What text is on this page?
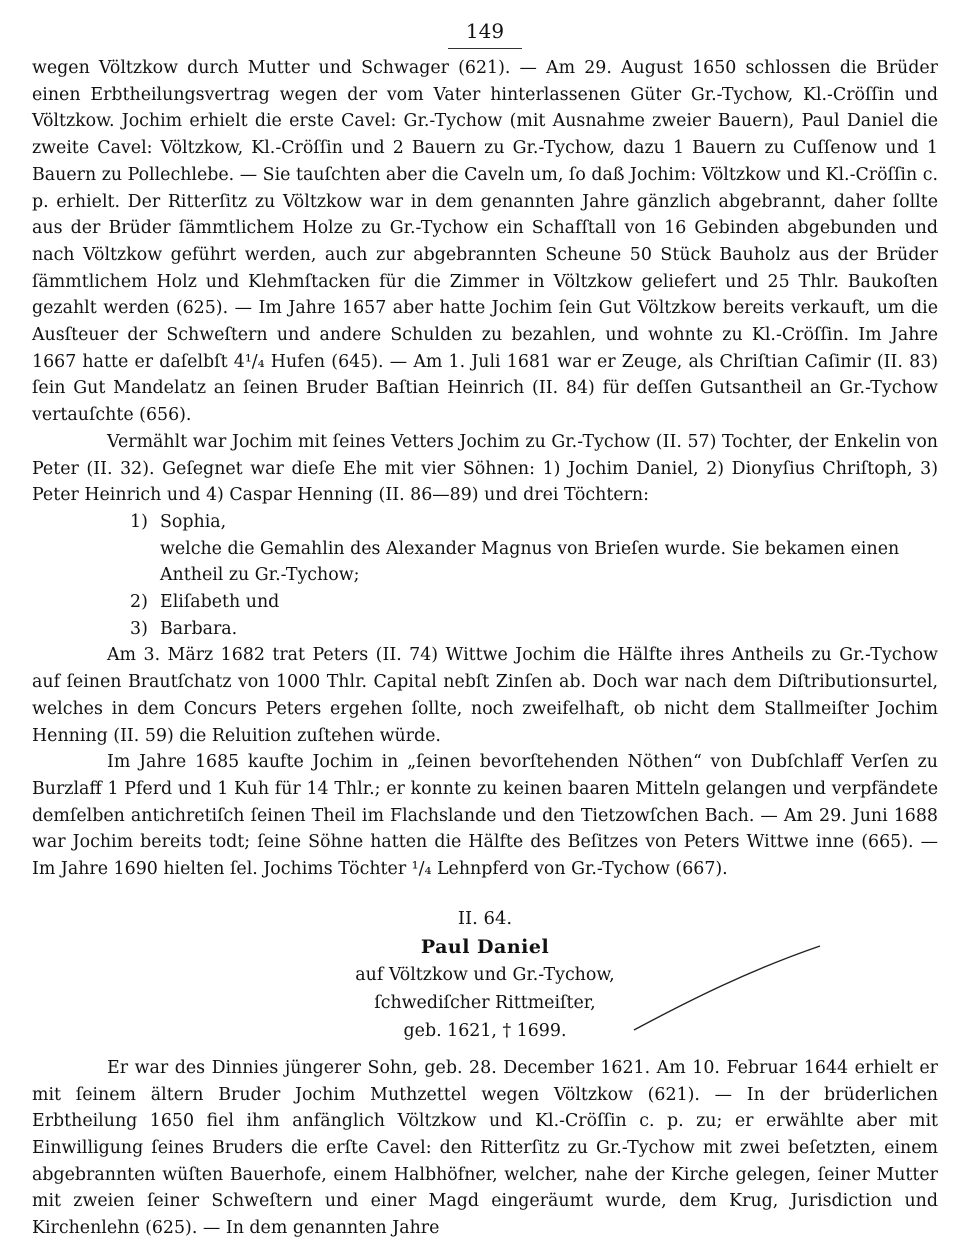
149

wegen Völtzkow durch Mutter und Schwager (621). — Am 29. August 1650 schlossen die Brüder einen Erbtheilungsvertrag wegen der vom Vater hinterlassenen Güter Gr.-Tychow, Kl.-Cröſſin und Völtzkow. Jochim erhielt die erste Cavel: Gr.-Tychow (mit Ausnahme zweier Bauern), Paul Daniel die zweite Cavel: Völtzkow, Kl.-Cröſſin und 2 Bauern zu Gr.-Tychow, dazu 1 Bauern zu Cuſſenow und 1 Bauern zu Pollechlebe. — Sie tauſchten aber die Caveln um, ſo daß Jochim: Völtzkow und Kl.-Cröſſin c. p. erhielt. Der Ritterſitz zu Völtzkow war in dem genannten Jahre gänzlich abgebrannt, daher ſollte aus der Brüder ſämmtlichem Holze zu Gr.-Tychow ein Schafſtall von 16 Gebinden abgebunden und nach Völtzkow geführt werden, auch zur abgebrannten Scheune 50 Stück Bauholz aus der Brüder ſämmtlichem Holz und Klehmſtacken für die Zimmer in Völtzkow geliefert und 25 Thlr. Baukoſten gezahlt werden (625). — Im Jahre 1657 aber hatte Jochim ſein Gut Völtzkow bereits verkauft, um die Ausſteuer der Schweſtern und andere Schulden zu bezahlen, und wohnte zu Kl.-Cröſſin. Im Jahre 1667 hatte er daſelbſt 4¹/₄ Hufen (645). — Am 1. Juli 1681 war er Zeuge, als Chriſtian Caſimir (II. 83) ſein Gut Mandelatz an ſeinen Bruder Baſtian Heinrich (II. 84) für deſſen Gutsantheil an Gr.-Tychow vertauſchte (656).

Vermählt war Jochim mit ſeines Vetters Jochim zu Gr.-Tychow (II. 57) Tochter, der Enkelin von Peter (II. 32). Geſegnet war dieſe Ehe mit vier Söhnen: 1) Jochim Daniel, 2) Dionyſius Chriſtoph, 3) Peter Heinrich und 4) Caspar Henning (II. 86—89) und drei Töchtern:

1) Sophia,
welche die Gemahlin des Alexander Magnus von Brieſen wurde. Sie bekamen einen Antheil zu Gr.-Tychow;
2) Eliſabeth und
3) Barbara.

Am 3. März 1682 trat Peters (II. 74) Wittwe Jochim die Hälfte ihres Antheils zu Gr.-Tychow auf ſeinen Brautſchatz von 1000 Thlr. Capital nebſt Zinſen ab. Doch war nach dem Diſtributionsurtel, welches in dem Concurs Peters ergehen ſollte, noch zweifelhaft, ob nicht dem Stallmeiſter Jochim Henning (II. 59) die Reluition zuſtehen würde.

Im Jahre 1685 kaufte Jochim in „ſeinen bevorſtehenden Nöthen“ von Dubſchlaff Verſen zu Burzlaff 1 Pferd und 1 Kuh für 14 Thlr.; er konnte zu keinen baaren Mitteln gelangen und verpfändete demſelben antichretiſch ſeinen Theil im Flachslande und den Tietzowſchen Bach. — Am 29. Juni 1688 war Jochim bereits todt; ſeine Söhne hatten die Hälfte des Beſitzes von Peters Wittwe inne (665). — Im Jahre 1690 hielten ſel. Jochims Töchter ¹/₄ Lehnpferd von Gr.-Tychow (667).

II. 64.
Paul Daniel
auf Völtzkow und Gr.-Tychow,
ſchwediſcher Rittmeiſter,
geb. 1621, † 1699.

Er war des Dinnies jüngerer Sohn, geb. 28. December 1621. Am 10. Februar 1644 erhielt er mit ſeinem ältern Bruder Jochim Muthzettel wegen Völtzkow (621). — In der brüderlichen Erbtheilung 1650 fiel ihm anfänglich Völtzkow und Kl.-Cröſſin c. p. zu; er erwählte aber mit Einwilligung ſeines Bruders die erſte Cavel: den Ritterſitz zu Gr.-Tychow mit zwei beſetzten, einem abgebrannten wüſten Bauerhofe, einem Halbhöfner, welcher, nahe der Kirche gelegen, ſeiner Mutter mit zweien ſeiner Schweſtern und einer Magd eingeräumt wurde, dem Krug, Jurisdiction und Kirchenlehn (625). — In dem genannten Jahre
